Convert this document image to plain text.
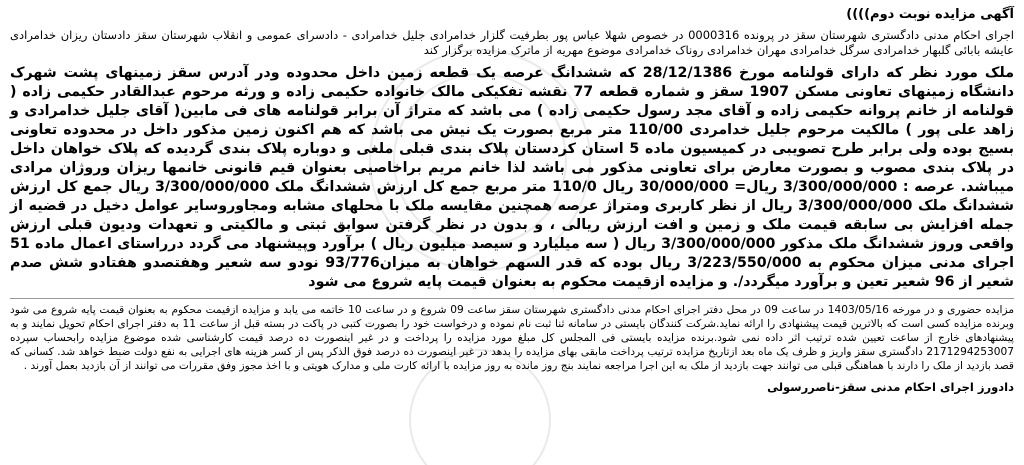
آگهی مزایده نوبت دوم))))

اجرای احکام مدنی دادگستری شهرستان سقز در پرونده 0000316 در خصوص شهلا عباس پور بطرفیت گلزار خدامرادی جلیل خدامرادی - دادسرای عمومی و انقلاب شهرستان سقز دادستان ریزان خدامرادی عایشه بابائی گلبهار خدامرادی سرگل خدامرادی مهران خدامرادی روناک خدامرادی موضوع مهریه از ماترک مزایده برگزار کند

ملک مورد نظر که دارای قولنامه مورخ 28/12/1386 که ششدانگ عرصه یک قطعه زمین داخل محدوده ودر آدرس سقز زمینهای پشت شهرک دانشگاه زمینهای تعاونی مسکن 1907 سقز و شماره قطعه 77 نقشه تفکیکی مالک خانواده حکیمی زاده و ورثه مرحوم عبدالقادر حکیمی زاده ( قولنامه از خانم پروانه حکیمی زاده و آقای مجد رسول حکیمی زاده ) می باشد که متراژ آن برابر قولنامه های فی مابین( آقای جلیل خدامرادی و زاهد علی پور ) مالکیت مرحوم جلیل خدامردی 110/00 متر مربع بصورت یک نیش می باشد که هم اکنون زمین مذکور داخل در محدوده تعاونی بسیج بوده ولی برابر طرح تصویبی در کمیسیون ماده 5 استان کردستان پلاک بندی قبلی ملغی و دوباره پلاک بندی گردیده که پلاک خواهان داخل در پلاک بندی مصوب و بصورت معارض برای تعاونی مذکور می باشد لذا خانم مریم براخاصیی بعنوان قیم قانونی خانمها ریزان وروژان مرادی میباشد. عرصه : 3/300/000/000 ریال= 30/000/000 ریال 110/0 متر مربع جمع کل ارزش ششدانگ ملک 3/300/000/000 ریال جمع کل ارزش ششدانگ ملک 3/300/000/000 ریال از نظر کاربری ومتراژ عرصه همچنین مقایسه ملک با محلهای مشابه ومجاوروسایر عوامل دخیل در قضیه از جمله افزایش بی سابقه قیمت ملک و زمین و افت ارزش ریالی ، و بدون در نظر گرفتن سوابق ثبتی و مالکیتی و تعهدات ودیون قبلی ارزش واقعی وروز ششدانگ ملک مذکور 3/300/000/000 ریال ( سه میلیارد و سیصد میلیون ریال ) برآورد وپیشنهاد می گردد درراستای اعمال ماده 51 اجرای مدنی میزان محکوم به 3/223/550/000 ریال بوده که قدر السهم خواهان به میزان93/776 نودو سه شعیر وهفتصدو هفتادو شش صدم شعیر از 96 شعیر تعین و برآورد میگردد/. و مزایده ازقیمت محکوم به بعنوان قیمت پایه شروع می شود

مزایده حضوری و در مورخه 1403/05/16 در ساعت 09 در محل دفتر اجرای احکام مدنی دادگستری شهرستان سقز ساعت 09 شروع و در ساعت 10 خاتمه می یابد و مزایده ازقیمت محکوم به بعنوان قیمت پایه شروع می شود وبرنده مزایده کسی است که بالاترین قیمت پیشنهادی را ارائه نماید.شرکت کنندگان بایستی در سامانه ثنا ثبت نام نموده و درخواست خود را بصورت کتبی در پاکت در بسته قبل از ساعت 11 به دفتر اجرای احکام تحویل نمایند و به پیشنهادهای خارج از ساعت تعیین شده ترتیب اثر داده نمی شود.برنده مزایده بایستی فی المجلس کل مبلغ مورد مزایده را پرداخت و در غیر اینصورت ده درصد قیمت کارشناسی شده موضوع مزایده رابحساب سپرده 2171294253007 دادگستری سقز واریز و ظرف یک ماه بعد ازتاریخ مزایده ترتیب پرداخت مابقی بهای مزایده را بدهد در غیر اینصورت ده درصد فوق الذکر پس از کسر هزینه های اجرایی به نفع دولت ضبط خواهد شد. کسانی که قصد بازدید از ملک را دارند با هماهنگی قبلی می توانند جهت بازدید از ملک به این اجرا مراجعه نمایند بنج روز مانده به روز مزایده با ارائه کارت ملی و مدارک هویتی و با اخذ مجوز وفق مقررات می توانند از آن بازدید بعمل آورند .

دادورز اجرای احکام مدنی سقز-ناصررسولی
